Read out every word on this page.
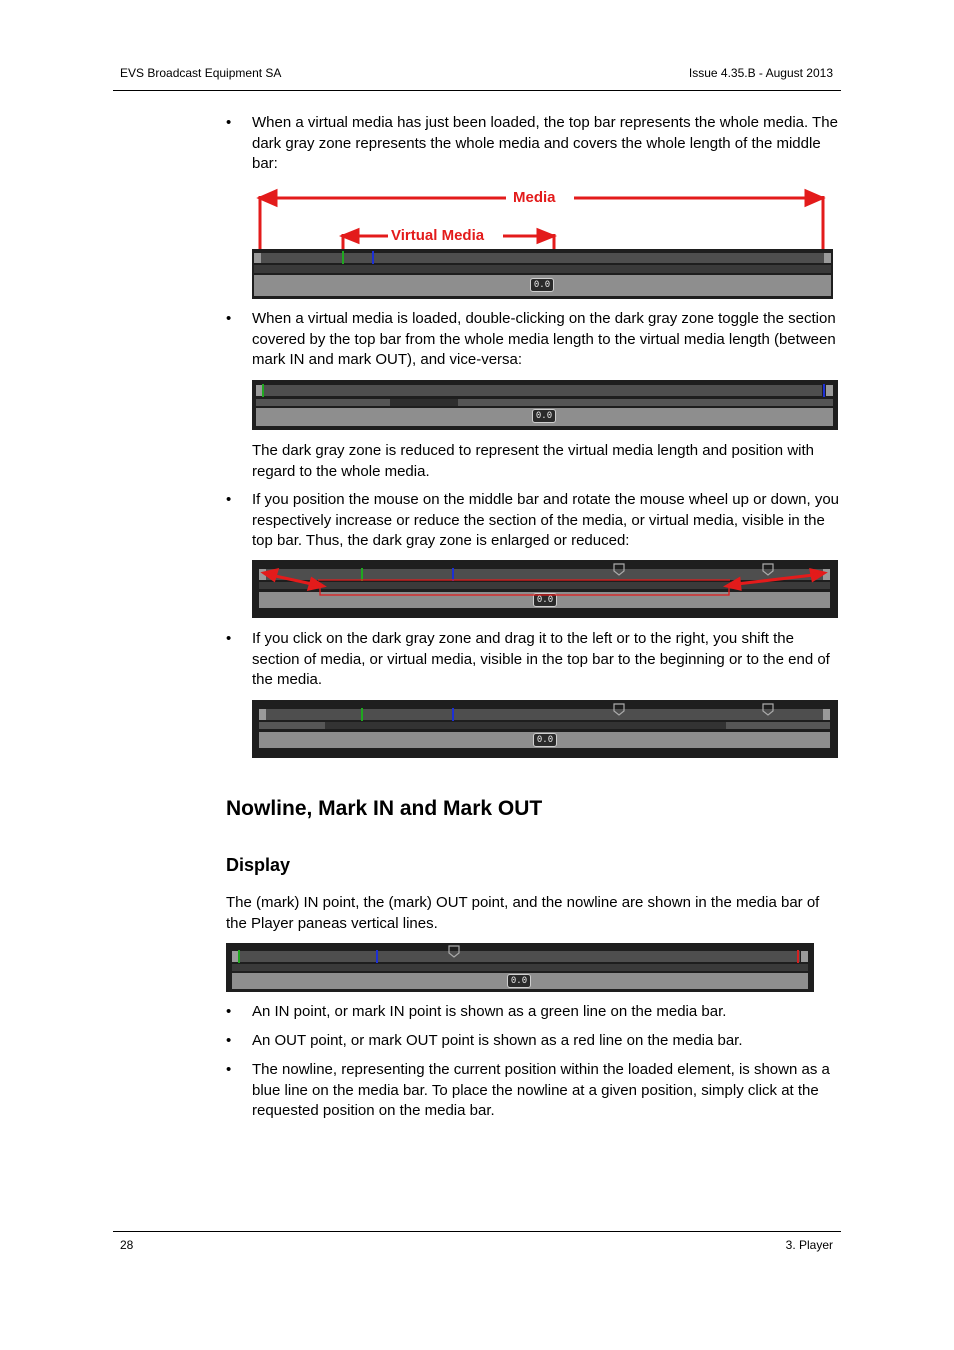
EVS Broadcast Equipment SA	Issue 4.35.B - August 2013
• When a virtual media has just been loaded, the top bar represents the whole media. The dark gray zone represents the whole media and covers the whole length of the middle bar:
Media
Virtual Media
0.0
• When a virtual media is loaded, double-clicking on the dark gray zone toggle the section covered by the top bar from the whole media length to the virtual media length (between mark IN and mark OUT), and vice-versa:
0.0
The dark gray zone is reduced to represent the virtual media length and position with regard to the whole media.
• If you position the mouse on the middle bar and rotate the mouse wheel up or down, you respectively increase or reduce the section of the media, or virtual media, visible in the top bar. Thus, the dark gray zone is enlarged or reduced:
0.0
• If you click on the dark gray zone and drag it to the left or to the right, you shift the section of media, or virtual media, visible in the top bar to the beginning or to the end of the media.
0.0
Nowline, Mark IN and Mark OUT
Display
The (mark) IN point, the (mark) OUT point, and the nowline are shown in the media bar of the Player paneas vertical lines.
0.0
• An IN point, or mark IN point is shown as a green line on the media bar.
• An OUT point, or mark OUT point is shown as a red line on the media bar.
• The nowline, representing the current position within the loaded element, is shown as a blue line on the media bar. To place the nowline at a given position, simply click at the requested position on the media bar.
28	3. Player
